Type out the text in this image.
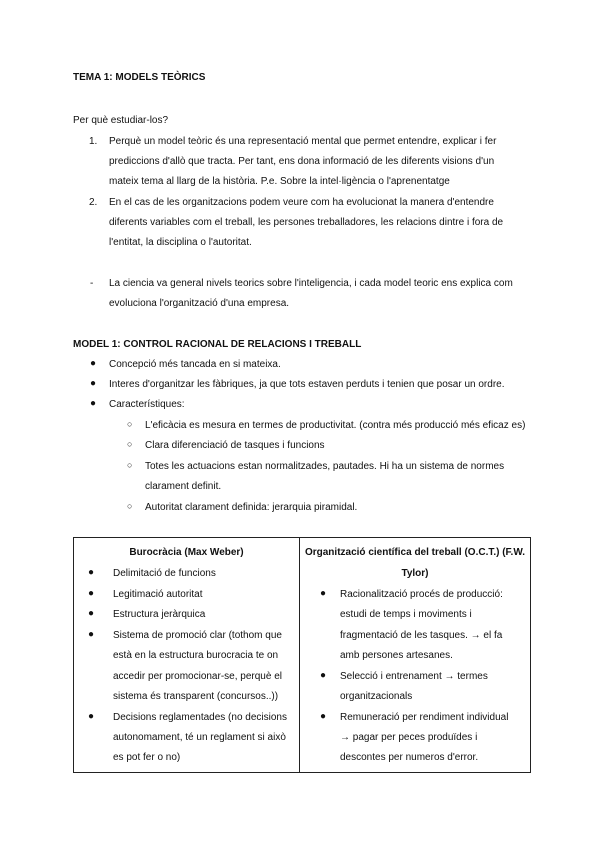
TEMA 1: MODELS TEÒRICS
Per què estudiar-los?
1. Perquè un model teòric és una representació mental que permet entendre, explicar i fer
prediccions d'allò que tracta. Per tant, ens dona informació de les diferents visions d'un
mateix tema al llarg de la història. P.e. Sobre la intel·ligència o l'aprenentatge
2. En el cas de les organitzacions podem veure com ha evolucionat la manera d'entendre
diferents variables com el treball, les persones treballadores, les relacions dintre i fora de
l'entitat, la disciplina o l'autoritat.
- La ciencia va general nivels teorics sobre l'inteligencia, i cada model teoric ens explica com
evoluciona l'organització d'una empresa.
MODEL 1: CONTROL RACIONAL DE RELACIONS I TREBALL
● Concepció més tancada en si mateixa.
● Interes d'organitzar les fàbriques, ja que tots estaven perduts i tenien que posar un ordre.
● Característiques:
○ L'eficàcia es mesura en termes de productivitat. (contra més producció més eficaz es)
○ Clara diferenciació de tasques i funcions
○ Totes les actuacions estan normalitzades, pautades. Hi ha un sistema de normes
clarament definit.
○ Autoritat clarament definida: jerarquia piramidal.
Burocràcia (Max Weber)
● Delimitació de funcions
● Legitimació autoritat
● Estructura jeràrquica
● Sistema de promoció clar (tothom que
està en la estructura burocracia te on
accedir per promocionar-se, perquè el
sistema és transparent (concursos..))
● Decisions reglamentades (no decisions
autonomament, té un reglament si això
es pot fer o no)

Organització científica del treball (O.C.T.) (F.W.
Tylor)
● Racionalització procés de producció:
estudi de temps i moviments i
fragmentació de les tasques. → el fa
amb persones artesanes.
● Selecció i entrenament → termes
organitzacionals
● Remuneració per rendiment individual
→ pagar per peces produïdes i
descontes per numeros d'error.
